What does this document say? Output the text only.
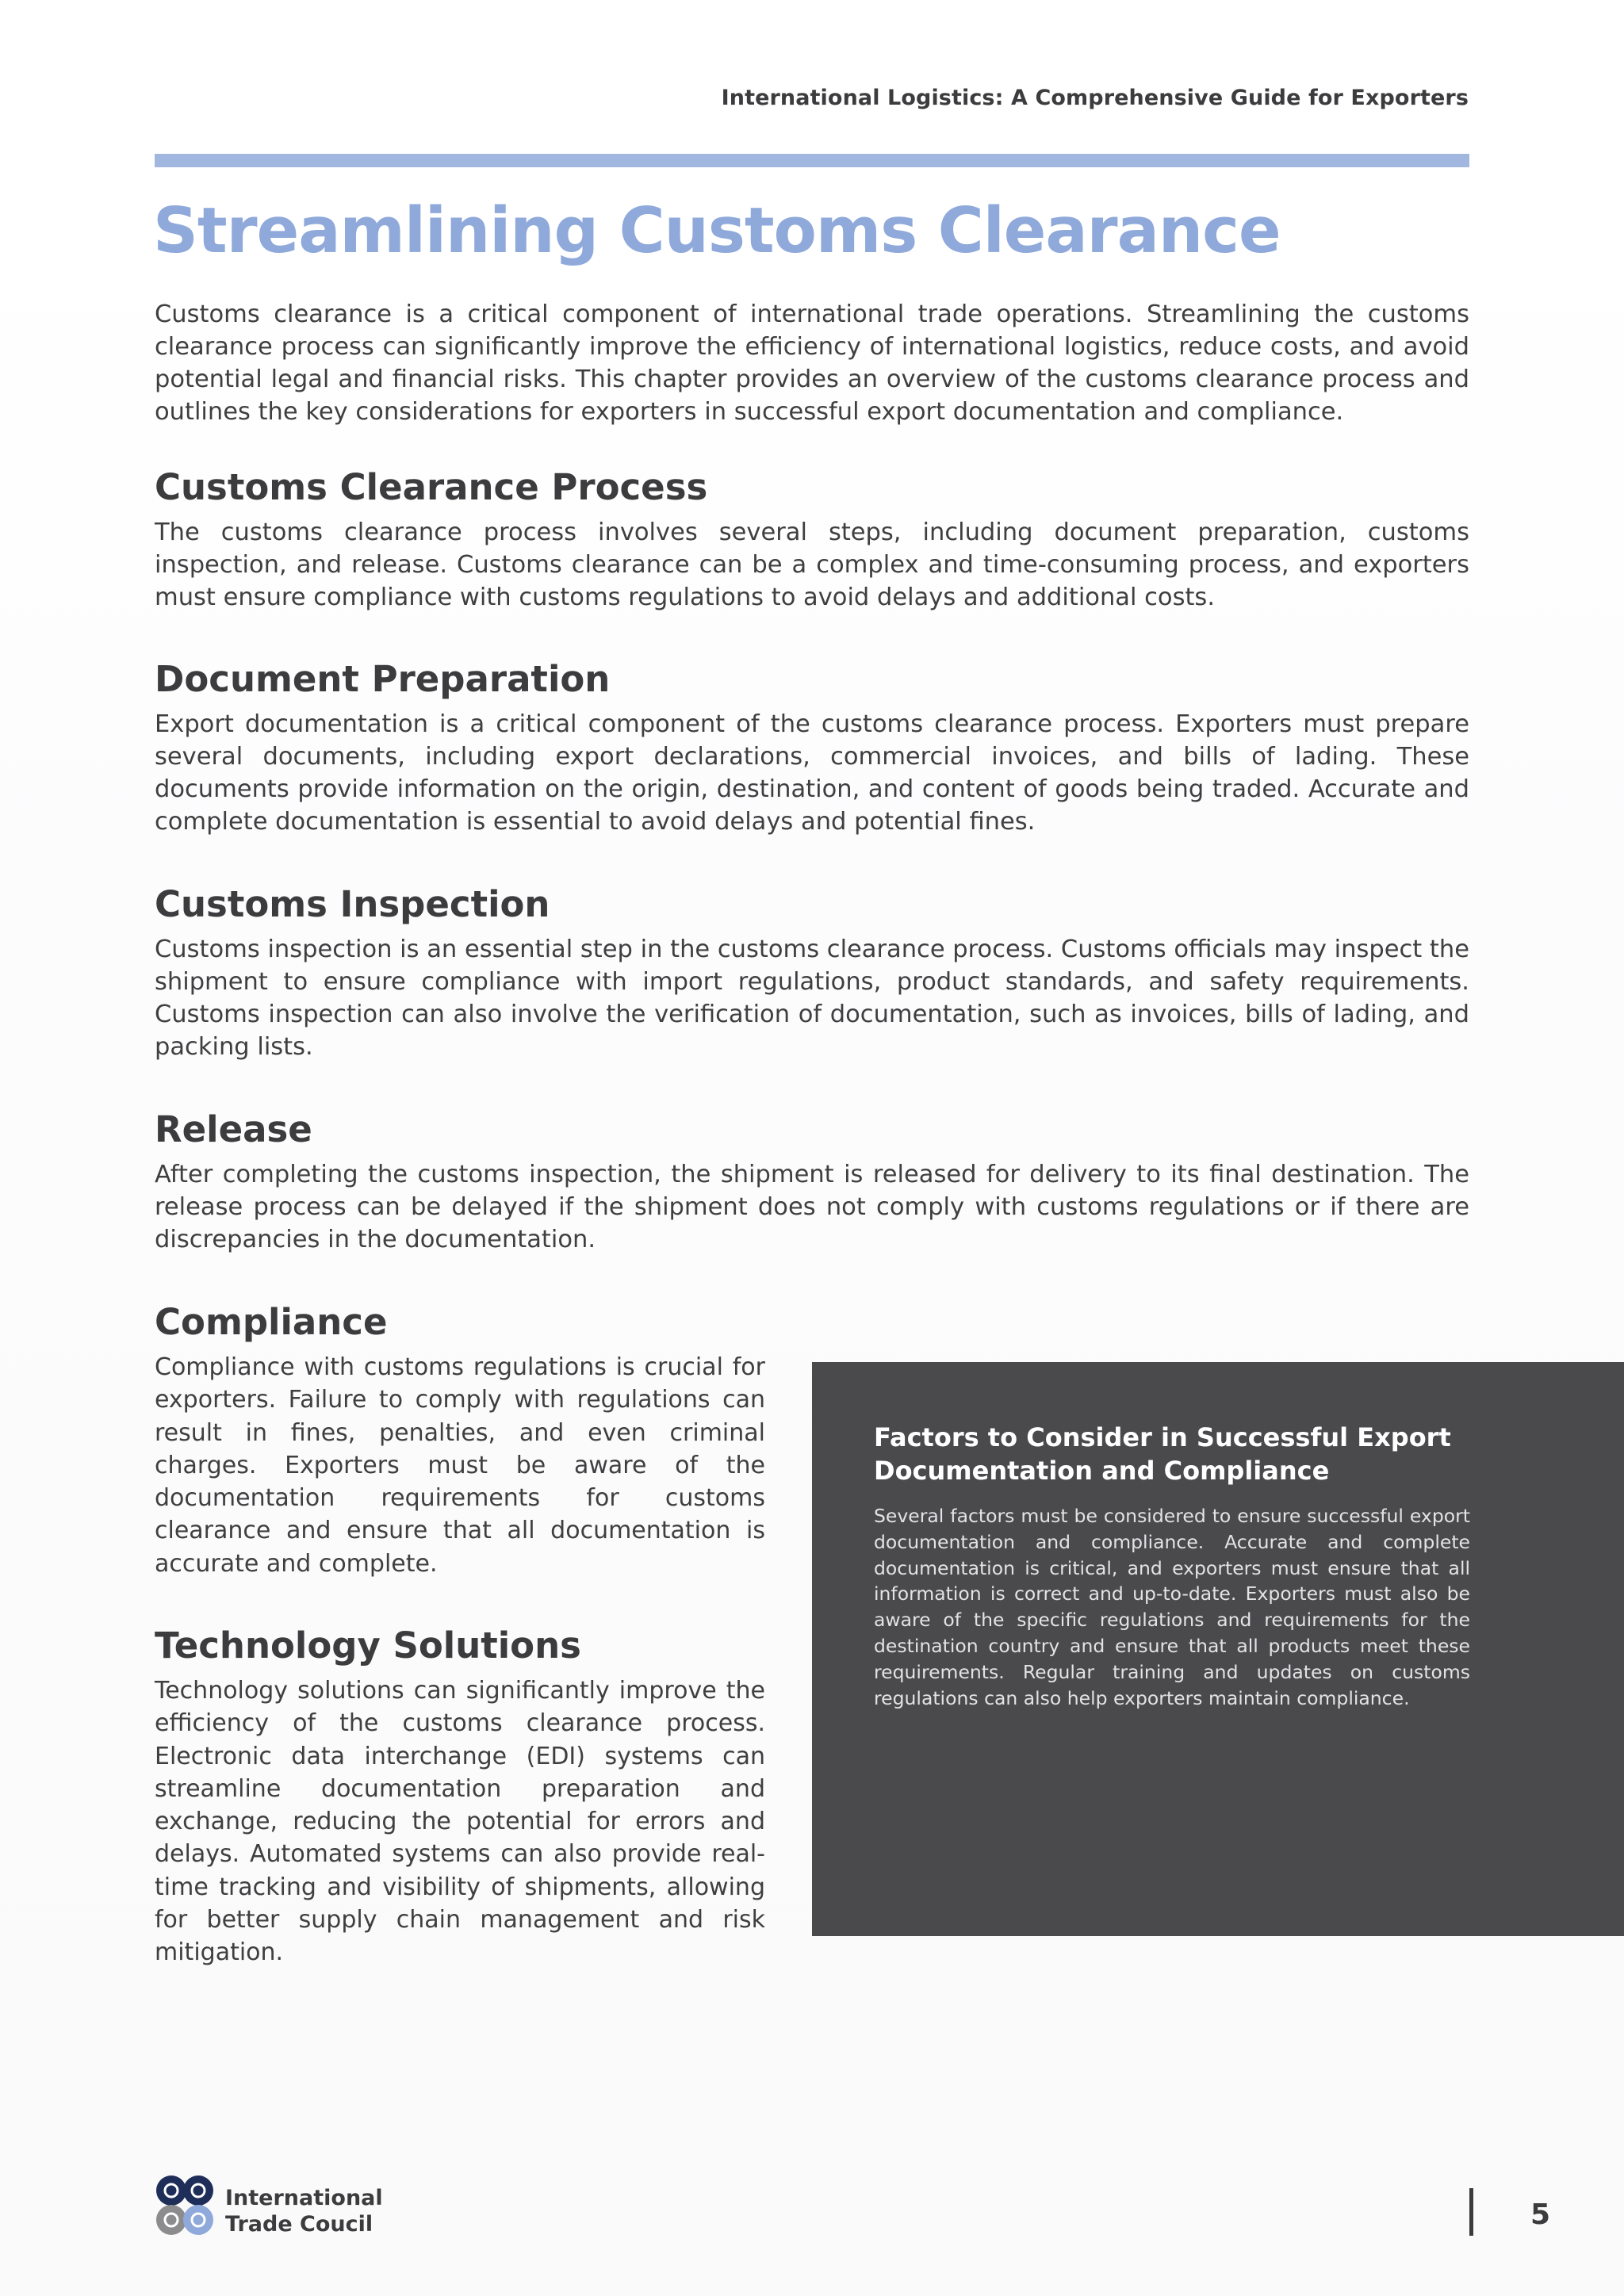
International Logistics: A Comprehensive Guide for Exporters
Streamlining Customs Clearance

Customs clearance is a critical component of international trade operations. Streamlining the customs clearance process can significantly improve the efficiency of international logistics, reduce costs, and avoid potential legal and financial risks. This chapter provides an overview of the customs clearance process and outlines the key considerations for exporters in successful export documentation and compliance.

Customs Clearance Process

The customs clearance process involves several steps, including document preparation, customs inspection, and release. Customs clearance can be a complex and time-consuming process, and exporters must ensure compliance with customs regulations to avoid delays and additional costs.

Document Preparation

Export documentation is a critical component of the customs clearance process. Exporters must prepare several documents, including export declarations, commercial invoices, and bills of lading. These documents provide information on the origin, destination, and content of goods being traded. Accurate and complete documentation is essential to avoid delays and potential fines.

Customs Inspection

Customs inspection is an essential step in the customs clearance process. Customs officials may inspect the shipment to ensure compliance with import regulations, product standards, and safety requirements. Customs inspection can also involve the verification of documentation, such as invoices, bills of lading, and packing lists.

Release

After completing the customs inspection, the shipment is released for delivery to its final destination. The release process can be delayed if the shipment does not comply with customs regulations or if there are discrepancies in the documentation.

Compliance

Compliance with customs regulations is crucial for exporters. Failure to comply with regulations can result in fines, penalties, and even criminal charges. Exporters must be aware of the documentation requirements for customs clearance and ensure that all documentation is accurate and complete.

Technology Solutions

Technology solutions can significantly improve the efficiency of the customs clearance process. Electronic data interchange (EDI) systems can streamline documentation preparation and exchange, reducing the potential for errors and delays. Automated systems can also provide real-time tracking and visibility of shipments, allowing for better supply chain management and risk mitigation.

Factors to Consider in Successful Export Documentation and Compliance

Several factors must be considered to ensure successful export documentation and compliance. Accurate and complete documentation is critical, and exporters must ensure that all information is correct and up-to-date. Exporters must also be aware of the specific regulations and requirements for the destination country and ensure that all products meet these requirements. Regular training and updates on customs regulations can also help exporters maintain compliance.

International
Trade Coucil	5
